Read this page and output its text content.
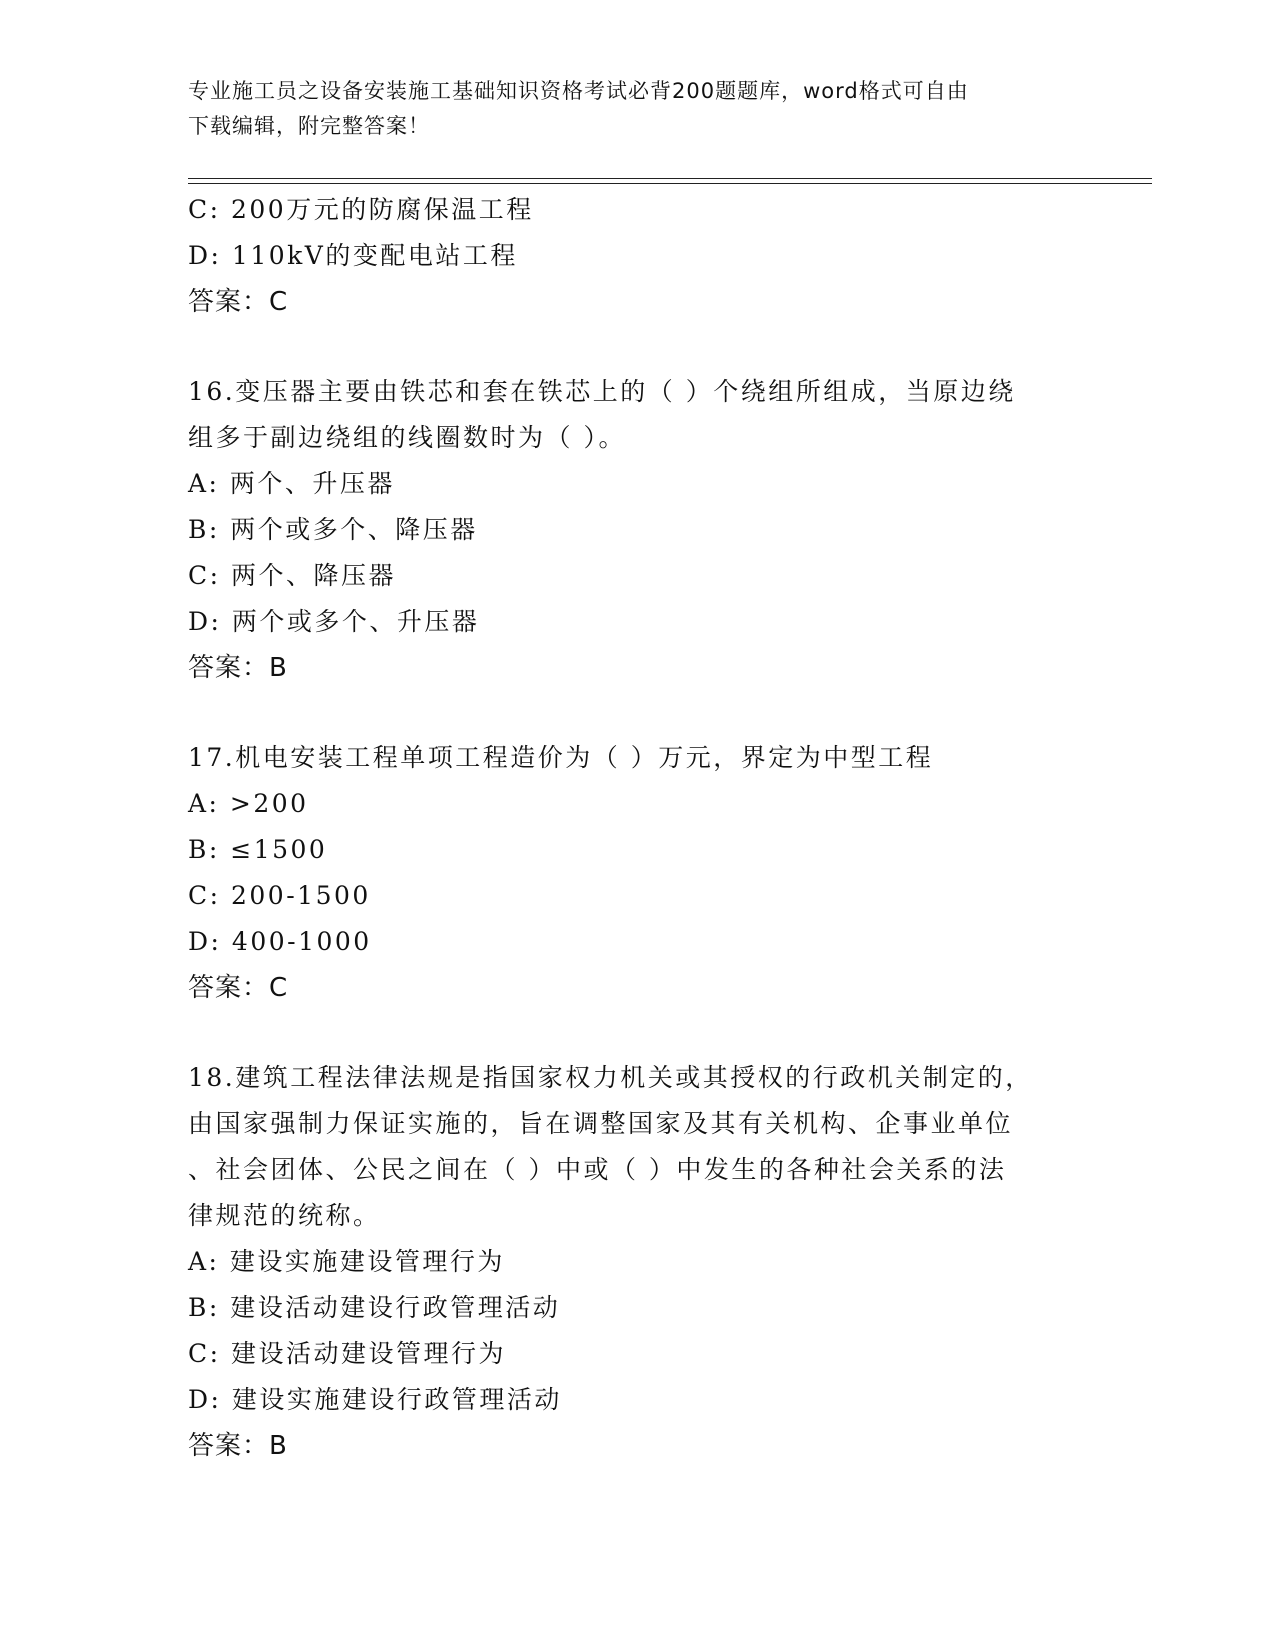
专业施工员之设备安装施工基础知识资格考试必背200题题库，word格式可自由
下载编辑，附完整答案！
C: 200万元的防腐保温工程
D: 110kV的变配电站工程
答案：C
16.变压器主要由铁芯和套在铁芯上的（ ）个绕组所组成，当原边绕
组多于副边绕组的线圈数时为（ ）。
A: 两个、升压器
B: 两个或多个、降压器
C: 两个、降压器
D: 两个或多个、升压器
答案：B
17.机电安装工程单项工程造价为（ ）万元，界定为中型工程
A: >200
B: ≤1500
C: 200-1500
D: 400-1000
答案：C
18.建筑工程法律法规是指国家权力机关或其授权的行政机关制定的，
由国家强制力保证实施的，旨在调整国家及其有关机构、企事业单位
、社会团体、公民之间在（ ）中或（ ）中发生的各种社会关系的法
律规范的统称。
A: 建设实施建设管理行为
B: 建设活动建设行政管理活动
C: 建设活动建设管理行为
D: 建设实施建设行政管理活动
答案：B
